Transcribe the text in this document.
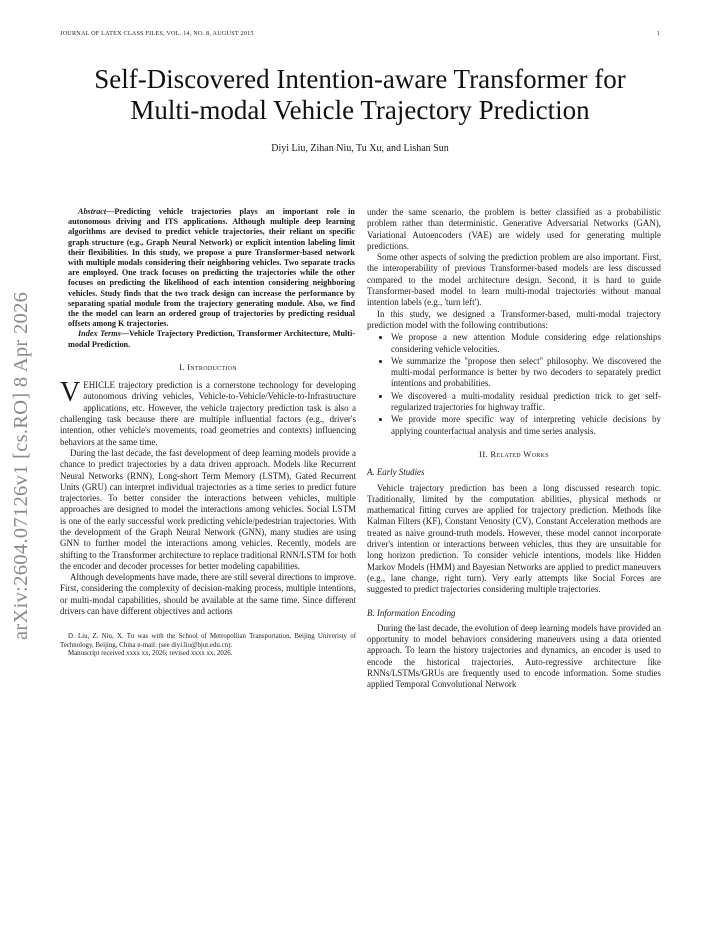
JOURNAL OF LATEX CLASS FILES, VOL. 14, NO. 8, AUGUST 2015	1
arXiv:2604.07126v1 [cs.RO] 8 Apr 2026
Self-Discovered Intention-aware Transformer for Multi-modal Vehicle Trajectory Prediction
Diyi Liu, Zihan Niu, Tu Xu, and Lishan Sun

Abstract—Predicting vehicle trajectories plays an important role in autonomous driving and ITS applications. Although multiple deep learning algorithms are devised to predict vehicle trajectories, their reliant on specific graph structure (e.g., Graph Neural Network) or explicit intention labeling limit their flexibilities. In this study, we propose a pure Transformer-based network with multiple modals considering their neighboring vehicles. Two separate tracks are employed. One track focuses on predicting the trajectories while the other focuses on predicting the likelihood of each intention considering neighboring vehicles. Study finds that the two track design can increase the performance by separating spatial module from the trajectory generating module. Also, we find the the model can learn an ordered group of trajectories by predicting residual offsets among K trajectories.

Index Terms—Vehicle Trajectory Prediction, Transformer Architecture, Multi-modal Prediction.

I. Introduction

VEHICLE trajectory prediction is a cornerstone technology for developing autonomous driving vehicles, Vehicle-to-Vehicle/Vehicle-to-Infrastructure applications, etc. However, the vehicle trajectory prediction task is also a challenging task because there are multiple influential factors (e.g., driver's intention, other vehicle's movements, road geometries and contexts) influencing behaviors at the same time.

During the last decade, the fast development of deep learning models provide a chance to predict trajectories by a data driven approach. Models like Recurrent Neural Networks (RNN), Long-short Term Memory (LSTM), Gated Recurrent Units (GRU) can interpret individual trajectories as a time series to predict future trajectories. To better consider the interactions between vehicles, multiple approaches are designed to model the interactions among vehicles. Social LSTM is one of the early successful work predicting vehicle/pedestrian trajectories. With the development of the Graph Neural Network (GNN), many studies are using GNN to further model the interactions among vehicles. Recently, models are shifting to the Transformer architecture to replace traditional RNN/LSTM for both the encoder and decoder processes for better modeling capabilities.

Although developments have made, there are still several directions to improve. First, considering the complexity of decision-making process, multiple intentions, or multi-modal capabilities, should be available at the same time. Since different drivers can have different objectives and actions

D. Liu, Z. Niu, X. Tu was with the School of Metropolitan Transportation, Beijing Univeristy of Technology, Beijing, China e-mail: (see diyi.liu@bjut.edu.cn).

Manuscript received xxxx xx, 2026; revised xxxx xx, 2026.

under the same scenario, the problem is better classified as a probabilistic problem rather than deterministic. Generative Adversarial Networks (GAN), Variational Autoencoders (VAE) are widely used for generating multiple predictions.

Some other aspects of solving the prediction problem are also important. First, the interoperability of previous Transformer-based models are less discussed compared to the model architecture design. Second, it is hard to guide Transformer-based model to learn multi-modal trajectories without manual intention labels (e.g., 'turn left').

In this study, we designed a Transformer-based, multi-modal trajectory prediction model with the following contributions:

• We propose a new attention Module considering edge relationships considering vehicle velocities.
• We summarize the "propose then select" philosophy. We discovered the multi-modal performance is better by two decoders to separately predict intentions and probabilities.
• We discovered a multi-modality residual prediction trick to get self-regularized trajectories for highway traffic.
• We provide more specific way of interpreting vehicle decisions by applying counterfactual analysis and time series analysis.
II. Related Works
A. Early Studies

Vehicle trajectory prediction has been a long discussed research topic. Traditionally, limited by the computation abilities, physical methods or mathematical fitting curves are applied for trajectory prediction. Methods like Kalman Filters (KF), Constant Venosity (CV), Constant Acceleration methods are treated as naive ground-truth models. However, these model cannot incorporate driver's intention or interactions between vehicles, thus they are unsuitable for long horizon prediction. To consider vehicle intentions, models like Hidden Markov Models (HMM) and Bayesian Networks are applied to predict maneuvers (e.g., lane change, right turn). Very early attempts like Social Forces are suggested to predict trajectories considering multiple trajectories.

B. Information Encoding

During the last decade, the evolution of deep learning models have provided an opportunity to model behaviors considering maneuvers using a data oriented approach. To learn the history trajectories and dynamics, an encoder is used to encode the historical trajectories. Auto-regressive architecture like RNNs/LSTMs/GRUs are frequently used to encode information. Some studies applied Temporal Convolutional Network
